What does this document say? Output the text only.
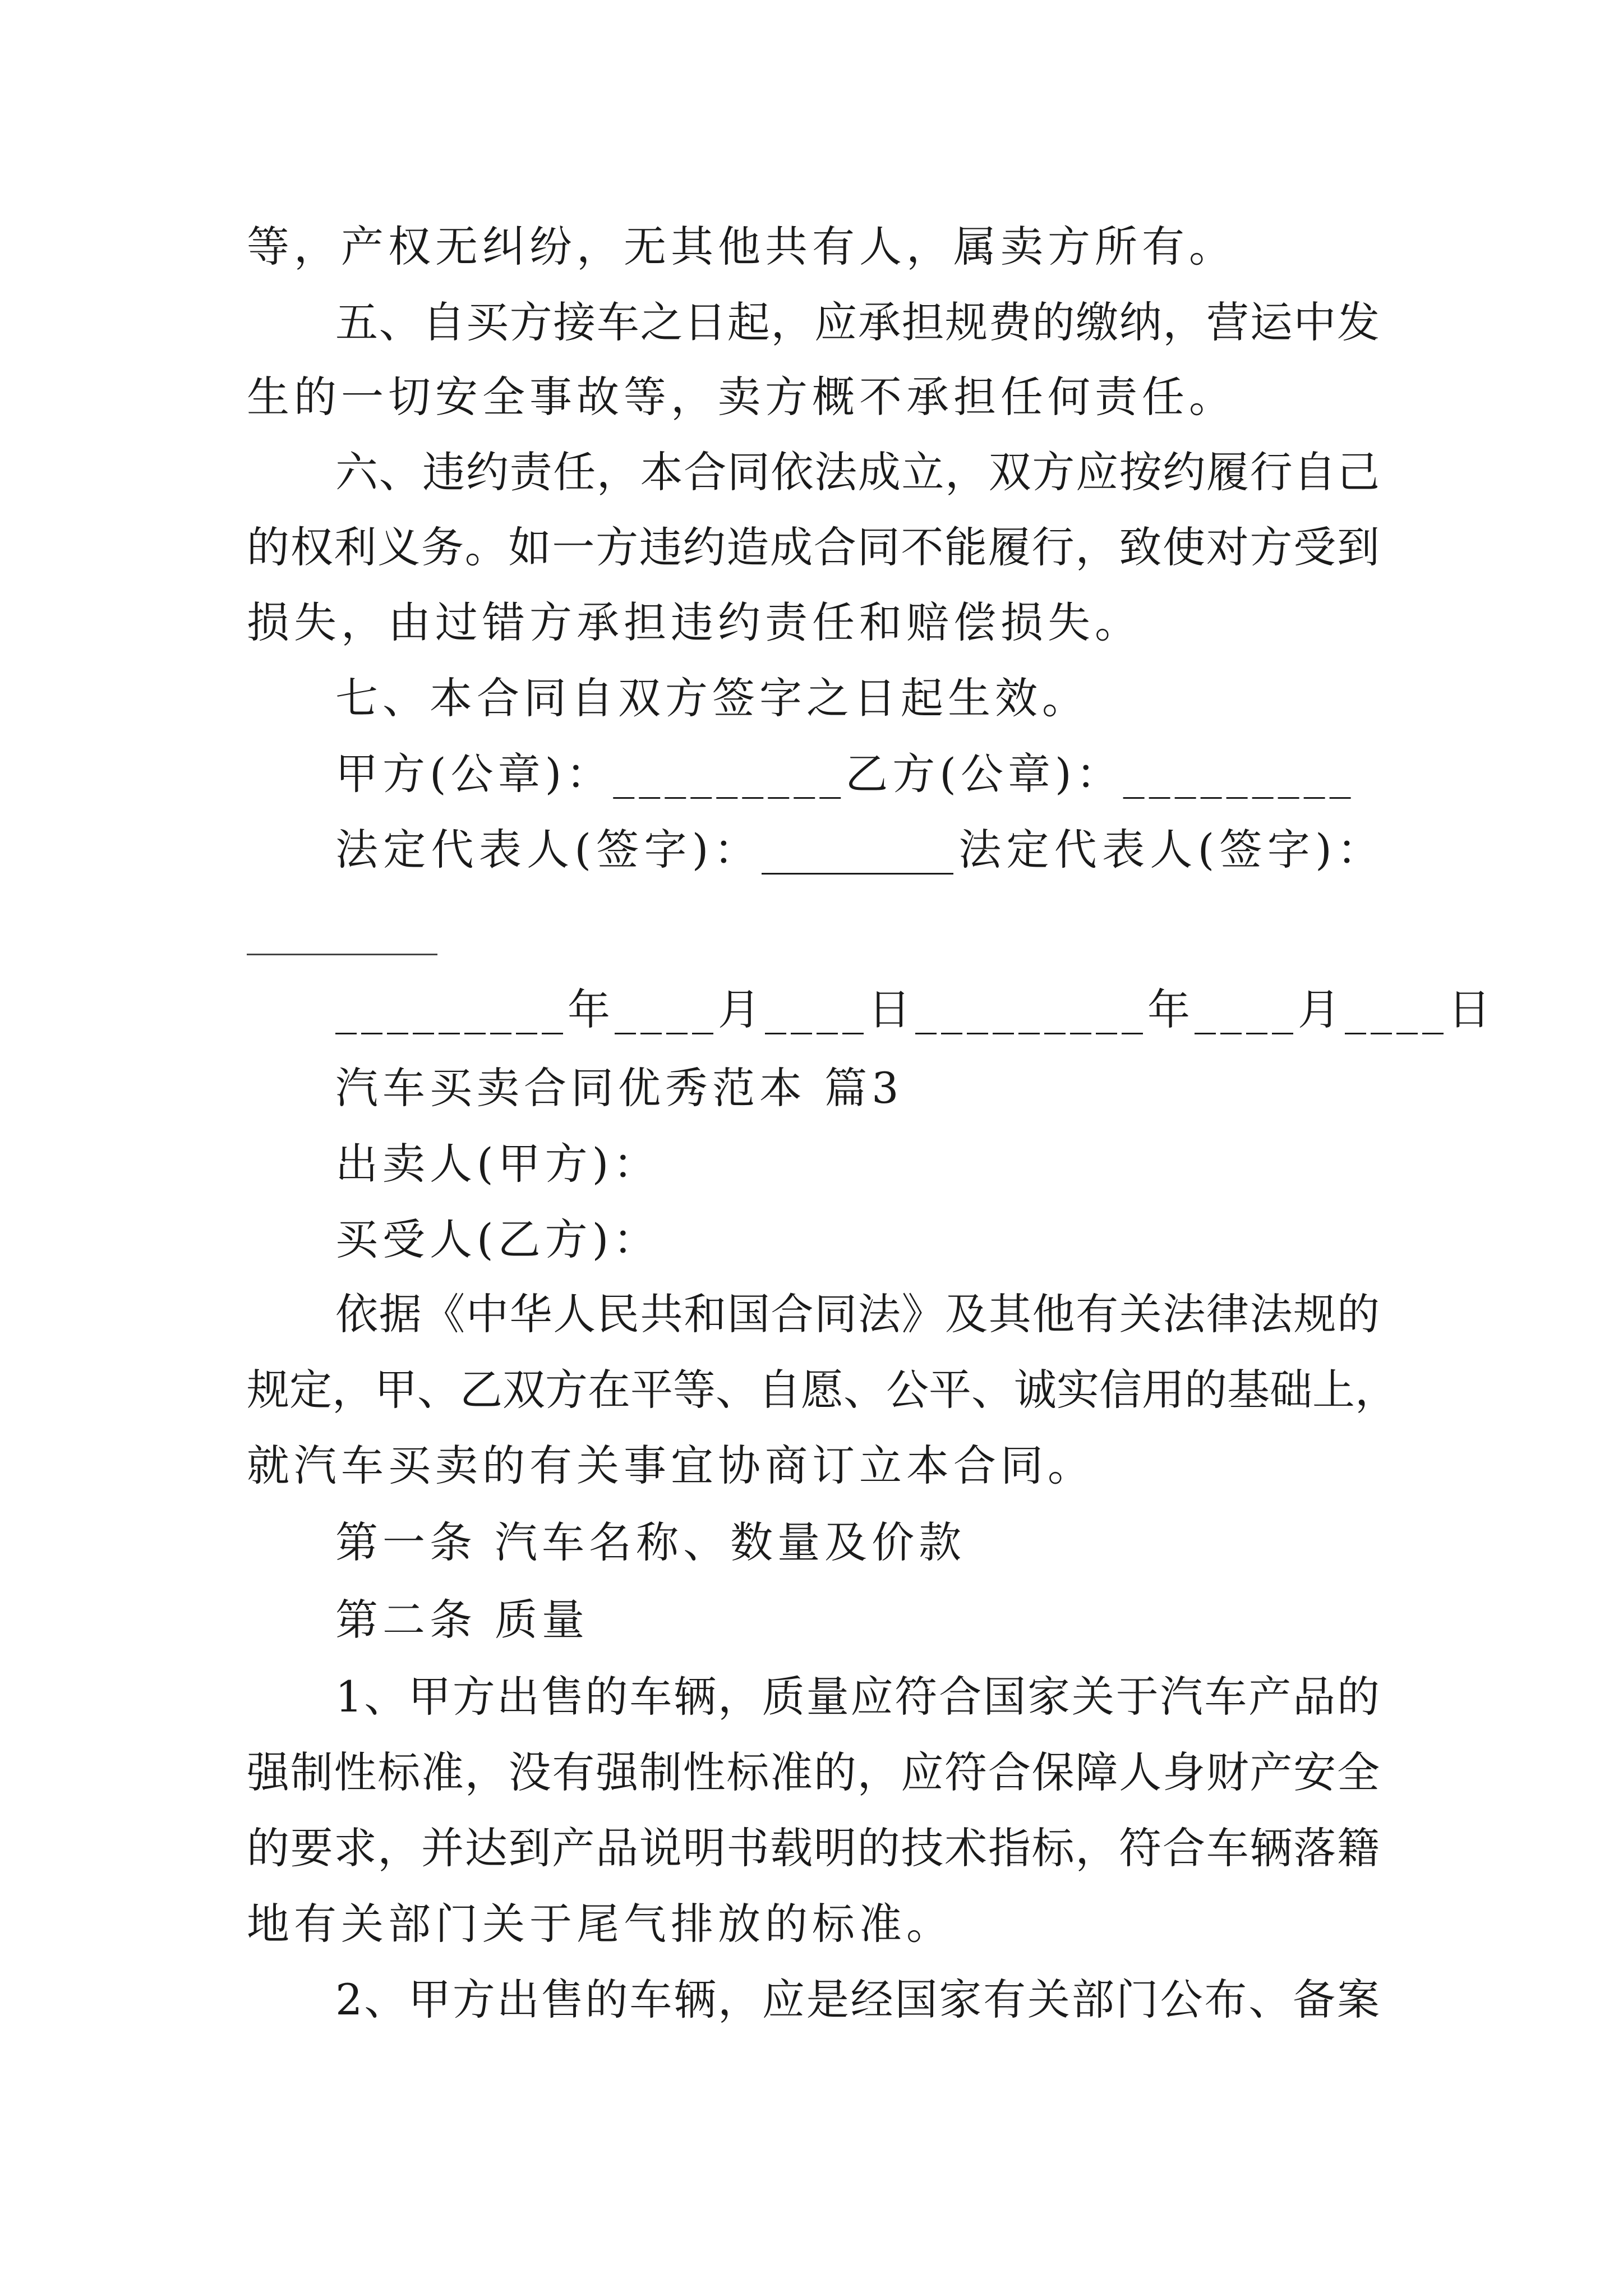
等，产权无纠纷，无其他共有人，属卖方所有。
五、自买方接车之日起，应承担规费的缴纳，营运中发
生的一切安全事故等，卖方概不承担任何责任。
六、违约责任，本合同依法成立，双方应按约履行自己
的权利义务。如一方违约造成合同不能履行，致使对方受到
损失，由过错方承担违约责任和赔偿损失。
七、本合同自双方签字之日起生效。
甲方(公章)：_________乙方(公章)：_________
法定代表人(签字)：_________法定代表人(签字)：
_________年____月____日_________年____月____日
汽车买卖合同优秀范本 篇3
出卖人(甲方)：
买受人(乙方)：
依据《中华人民共和国合同法》及其他有关法律法规的
规定，甲、乙双方在平等、自愿、公平、诚实信用的基础上，
就汽车买卖的有关事宜协商订立本合同。
第一条 汽车名称、数量及价款
第二条 质量
1、甲方出售的车辆，质量应符合国家关于汽车产品的
强制性标准，没有强制性标准的，应符合保障人身财产安全
的要求，并达到产品说明书载明的技术指标，符合车辆落籍
地有关部门关于尾气排放的标准。
2、甲方出售的车辆，应是经国家有关部门公布、备案
